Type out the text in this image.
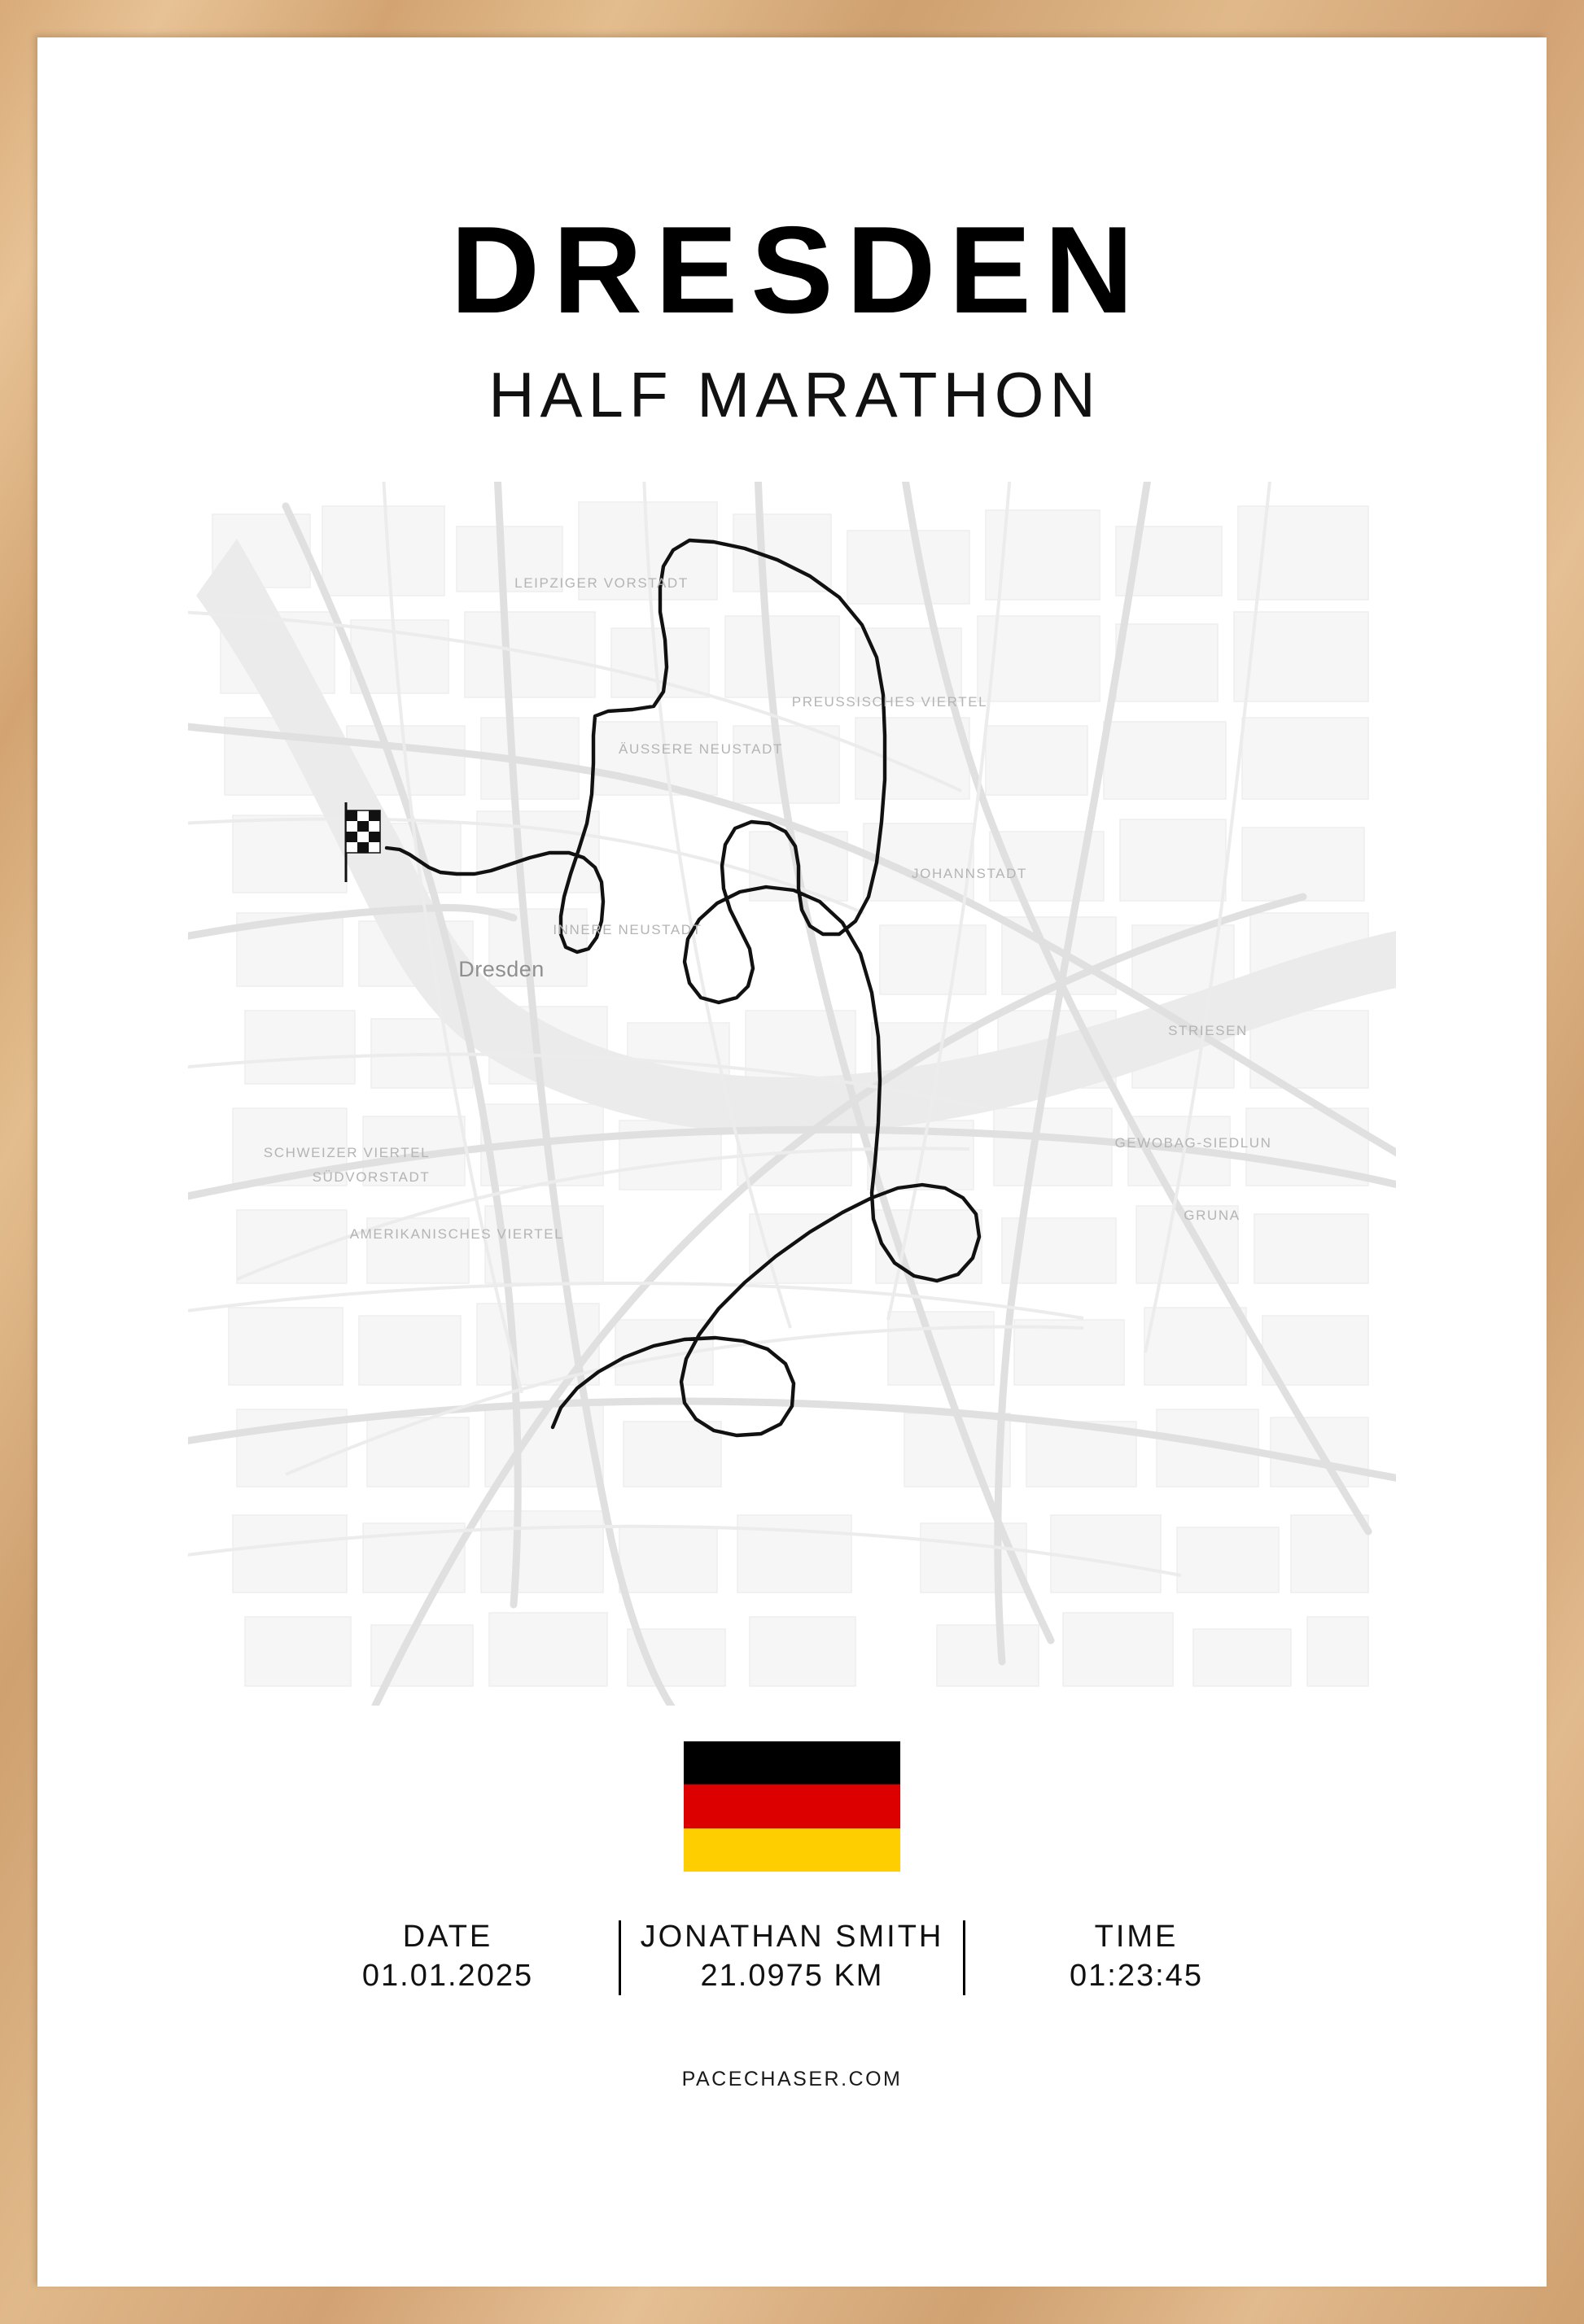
DRESDEN
HALF MARATHON
LEIPZIGER VORSTADT
PREUSSISCHES VIERTEL
ÄUSSERE NEUSTADT
INNERE NEUSTADT
JOHANNSTADT
STRIESEN
GEWOBAG-SIEDLUN
GRUNA
SCHWEIZER VIERTEL
SÜDVORSTADT
AMERIKANISCHES VIERTEL
Dresden
DATE
01.01.2025
JONATHAN SMITH
21.0975 KM
TIME
01:23:45
PACECHASER.COM
